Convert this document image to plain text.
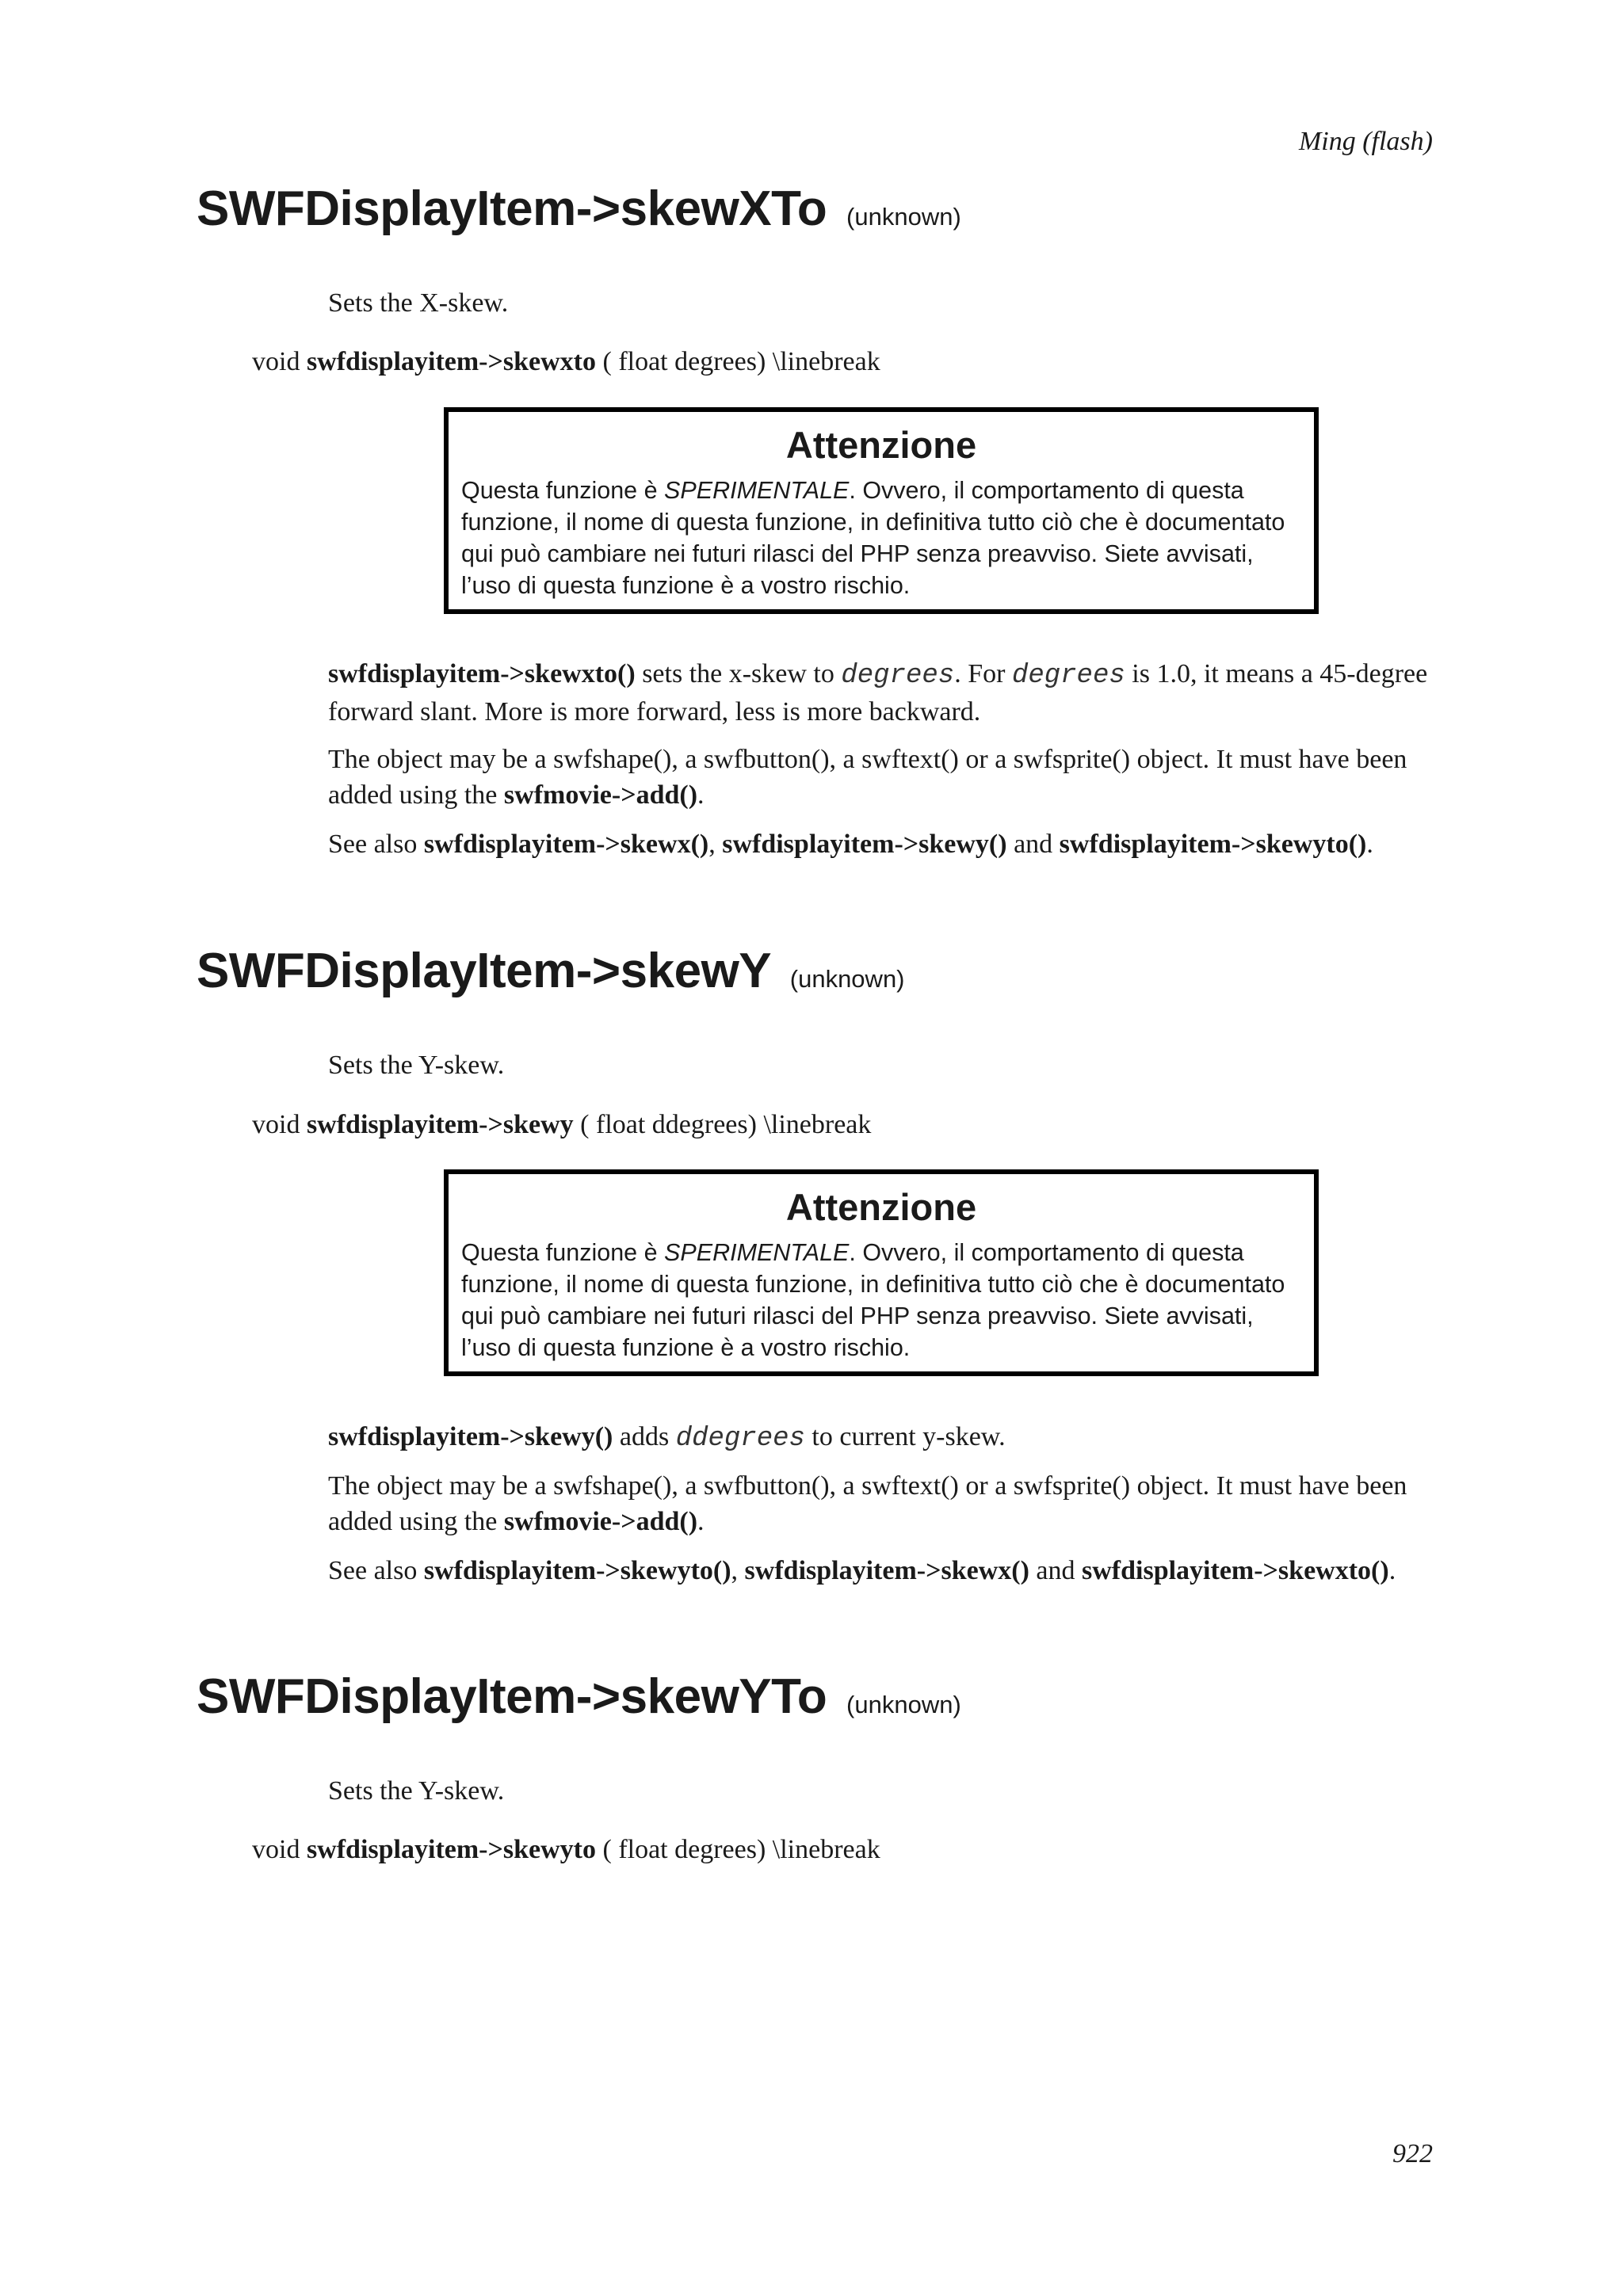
Ming (flash)
SWFDisplayItem->skewXTo (unknown)

Sets the X-skew.

void swfdisplayitem->skewxto ( float degrees) \linebreak

Attenzione

Questa funzione è SPERIMENTALE. Ovvero, il comportamento di questa funzione, il nome di questa funzione, in definitiva tutto ciò che è documentato qui può cambiare nei futuri rilasci del PHP senza preavviso. Siete avvisati, l’uso di questa funzione è a vostro rischio.

swfdisplayitem->skewxto() sets the x-skew to degrees. For degrees is 1.0, it means a 45-degree forward slant. More is more forward, less is more backward.

The object may be a swfshape(), a swfbutton(), a swftext() or a swfsprite() object. It must have been added using the swfmovie->add().

See also swfdisplayitem->skewx(), swfdisplayitem->skewy() and swfdisplayitem->skewyto().

SWFDisplayItem->skewY (unknown)

Sets the Y-skew.

void swfdisplayitem->skewy ( float ddegrees) \linebreak

Attenzione

Questa funzione è SPERIMENTALE. Ovvero, il comportamento di questa funzione, il nome di questa funzione, in definitiva tutto ciò che è documentato qui può cambiare nei futuri rilasci del PHP senza preavviso. Siete avvisati, l’uso di questa funzione è a vostro rischio.

swfdisplayitem->skewy() adds ddegrees to current y-skew.

The object may be a swfshape(), a swfbutton(), a swftext() or a swfsprite() object. It must have been added using the swfmovie->add().

See also swfdisplayitem->skewyto(), swfdisplayitem->skewx() and swfdisplayitem->skewxto().

SWFDisplayItem->skewYTo (unknown)

Sets the Y-skew.

void swfdisplayitem->skewyto ( float degrees) \linebreak

922
